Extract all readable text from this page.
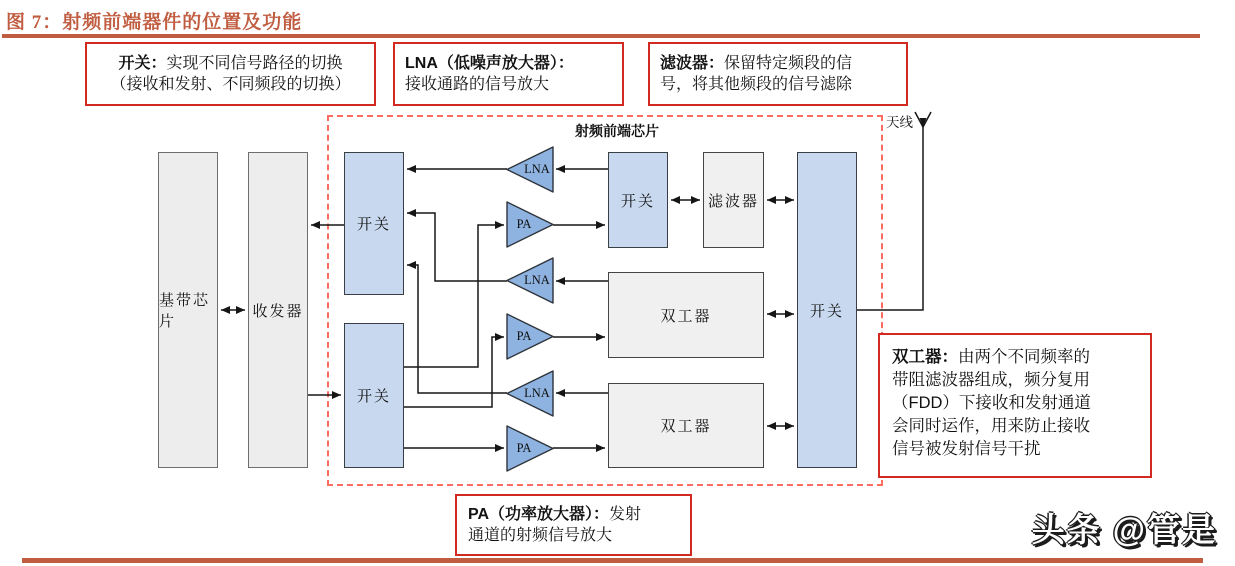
图 7：射频前端器件的位置及功能
开关：实现不同信号路径的切换
（接收和发射、不同频段的切换）
LNA（低噪声放大器）：
接收通路的信号放大
滤波器：保留特定频段的信
号，将其他频段的信号滤除
PA（功率放大器）：发射
通道的射频信号放大
双工器：由两个不同频率的
带阻滤波器组成，频分复用
（FDD）下接收和发射通道
会同时运作，用来防止接收
信号被发射信号干扰
射频前端芯片
天线
基带芯片
收发器
开关
开关
开关	滤波器
双工器
双工器
开关
LNA
PA
LNA
PA
LNA
PA
头条 @管是
